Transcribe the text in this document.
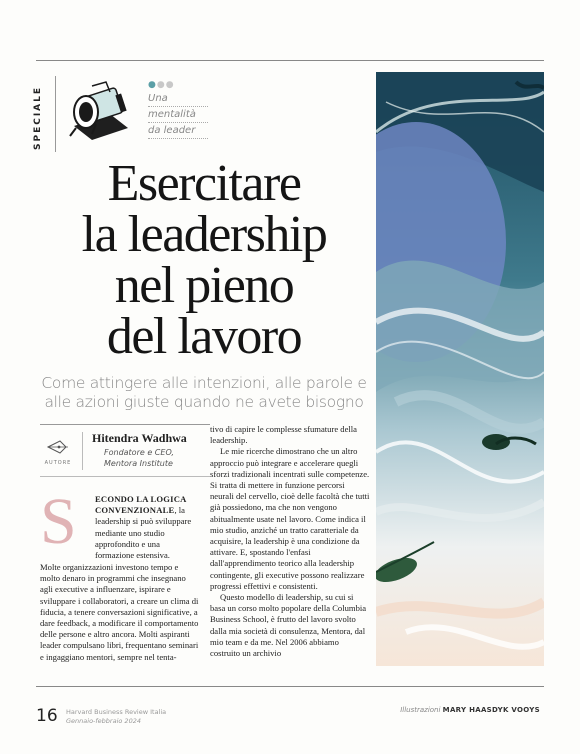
SPECIALE
●●●
Una
mentalità
da leader
Esercitare
la leadership
nel pieno
del lavoro
Come attingere alle intenzioni, alle parole e alle azioni giuste quando ne avete bisogno
AUTORE
Hitendra Wadhwa
Fondatore e CEO,
Mentora Institute
S	ECONDO LA LOGICA CONVENZIONALE, la leadership si può sviluppare mediante uno studio approfondito e una formazione estensiva.

Molte organizzazioni investono tempo e molto denaro in programmi che insegnano agli executive a influenzare, ispirare e sviluppare i collaboratori, a creare un clima di fiducia, a tenere conversazioni significative, a dare feedback, a modificare il comportamento delle persone e altro ancora. Molti aspiranti leader compulsano libri, frequentano seminari e ingaggiano mentori, sempre nel tenta-

tivo di capire le complesse sfumature della leadership.

Le mie ricerche dimostrano che un altro approccio può integrare e accelerare quegli sforzi tradizionali incentrati sulle competenze. Si tratta di mettere in funzione percorsi neurali del cervello, cioè delle facoltà che tutti già possiedono, ma che non vengono abitualmente usate nel lavoro. Come indica il mio studio, anziché un tratto caratteriale da acquisire, la leadership è una condizione da attivare. E, spostando l'enfasi dall'apprendimento teorico alla leadership contingente, gli executive possono realizzare progressi effettivi e consistenti.

Questo modello di leadership, su cui si basa un corso molto popolare della Columbia Business School, è frutto del lavoro svolto dalla mia società di consulenza, Mentora, dal mio team e da me. Nel 2006 abbiamo costruito un archivio

16 Harvard Business Review Italia
Gennaio-febbraio 2024
Illustrazioni MARY HAASDYK VOOYS
